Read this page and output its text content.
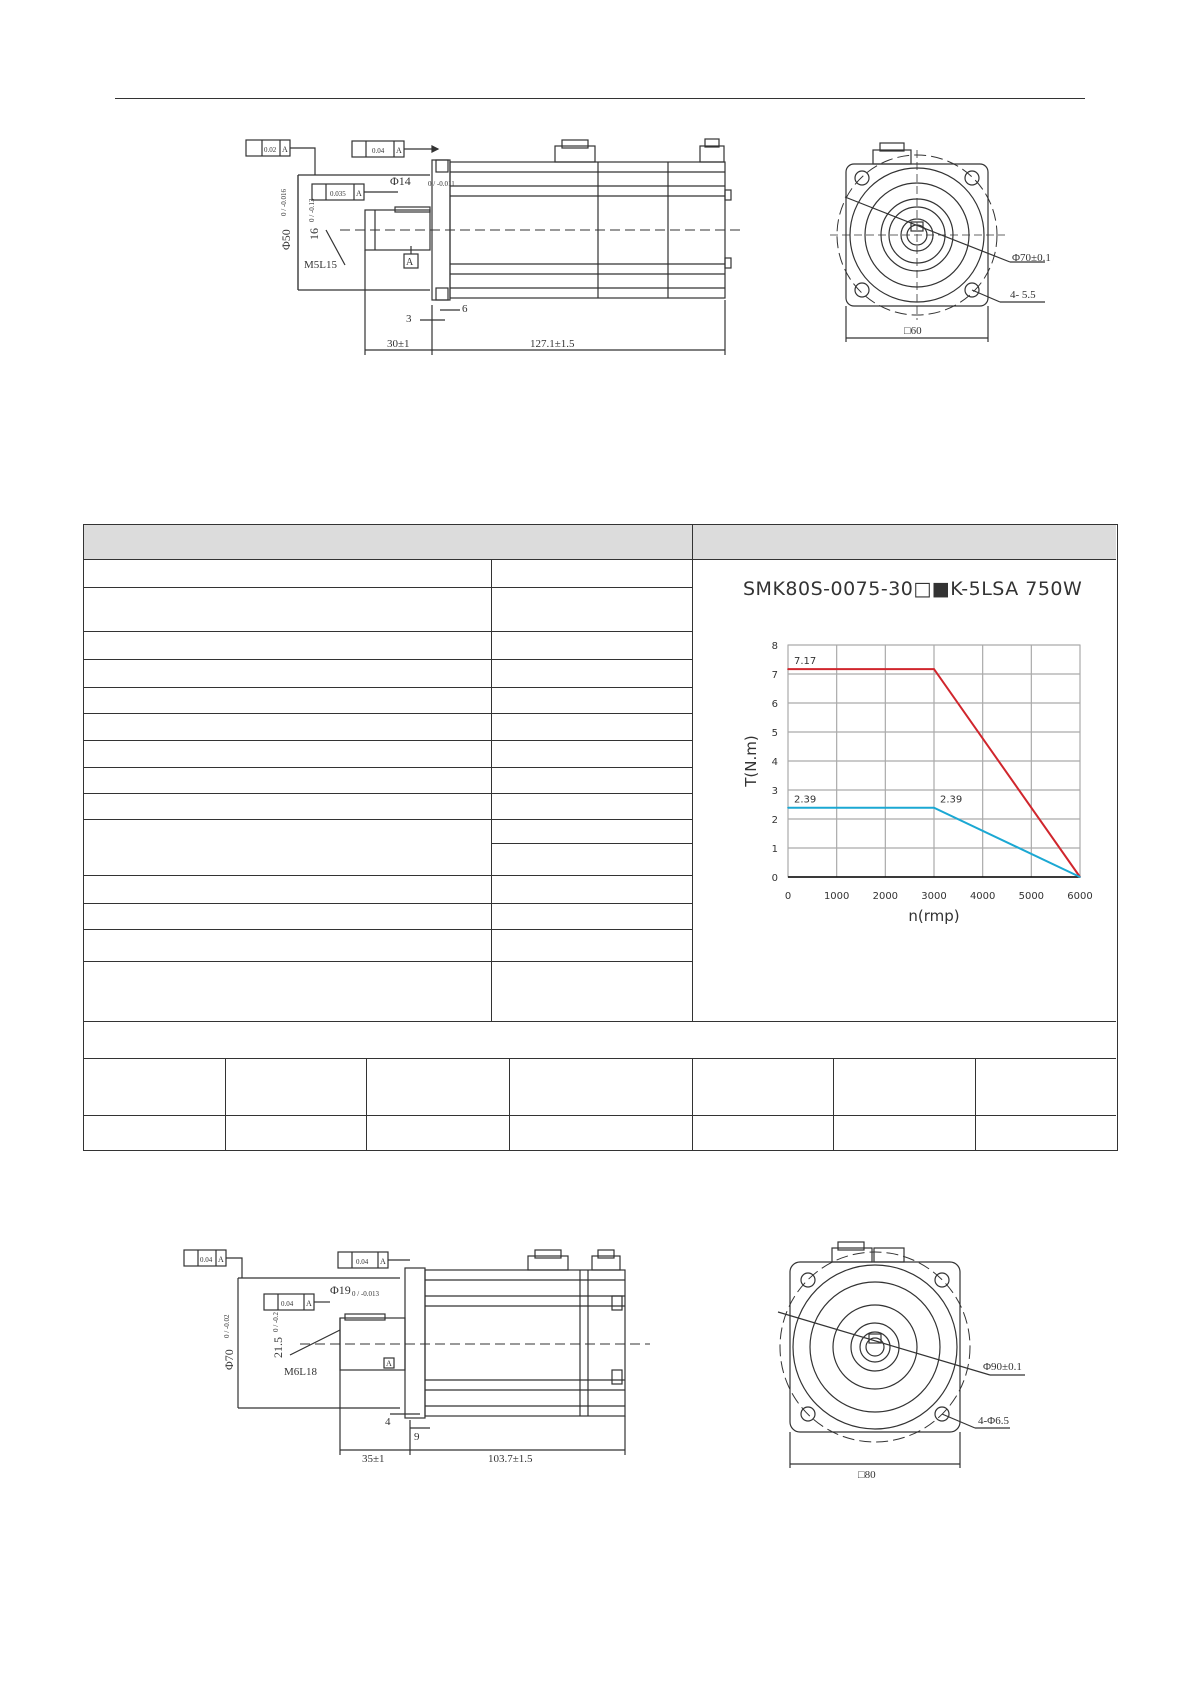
0.02 A	0.04 A
0.035 A
A
Φ14 0 / -0.011
Φ50
0 / -0.016
16
0 / -0.13
M5L15
3
6
30±1	127.1±1.5
Φ70±0.1
4- 5.5
□60
SMK80S-0075-30□■K-5LSA 750W
0	1000 2000 3000 4000 5000 6000
0
1
2
3
4
5
6
7
8
7.17
2.39	2.39
n(rmp)
T(N.m)
0.04 A	0.04 A
0.04 A
A
Φ19 0 / -0.013
Φ70
0 / -0.02
21.5
0 / -0.2
M6L18
4
9
35±1	103.7±1.5
Φ90±0.1
4-Φ6.5
□80
